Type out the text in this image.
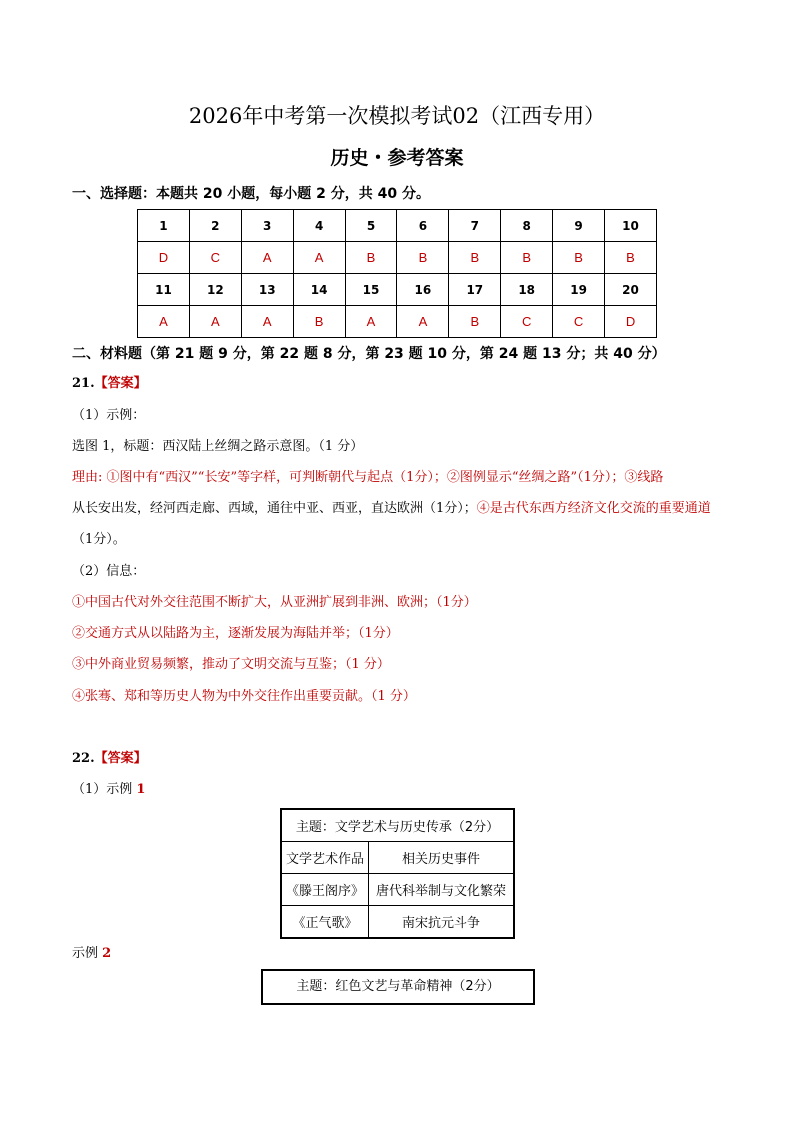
2026年中考第一次模拟考试02（江西专用）
历史・参考答案
一、选择题：本题共 20 小题，每小题 2 分，共 40 分。
1	2	3	4	5	6	7	8	9	10
D	C	A	A	B	B	B	B	B	B
11	12	13	14	15	16	17	18	19	20
A	A	A	B	A	A	B	C	C	D
二、材料题（第 21 题 9 分，第 22 题 8 分，第 23 题 10 分，第 24 题 13 分；共 40 分）
21.【答案】
（1）示例：
选图 1，标题：西汉陆上丝绸之路示意图。（1 分）
理由: ①图中有“西汉”“长安”等字样，可判断朝代与起点（1分）；②图例显示“丝绸之路”（1分）；③线路
从长安出发，经河西走廊、西域，通往中亚、西亚，直达欧洲（1分）；④是古代东西方经济文化交流的重要通道
（1分）。
（2）信息：
①中国古代对外交往范围不断扩大，从亚洲扩展到非洲、欧洲；（1分）
②交通方式从以陆路为主，逐渐发展为海陆并举；（1分）
③中外商业贸易频繁，推动了文明交流与互鉴；（1 分）
④张骞、郑和等历史人物为中外交往作出重要贡献。（1 分）
22.【答案】
（1）示例 1
主题：文学艺术与历史传承（2分）	
文学艺术作品	相关历史事件
《滕王阁序》	唐代科举制与文化繁荣
《正气歌》	南宋抗元斗争
示例 2
主题：红色文艺与革命精神（2分）
